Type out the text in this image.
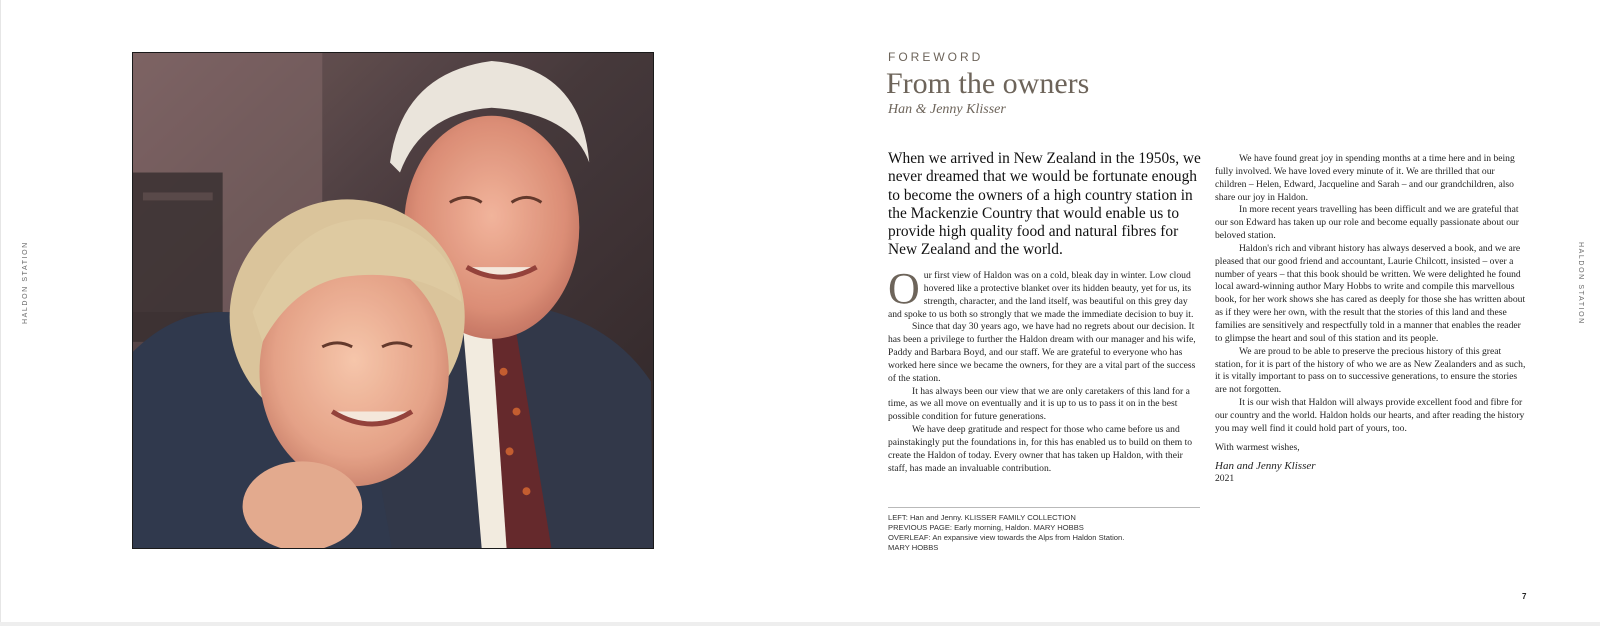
HALDON STATION
FOREWORD
From the owners
Han & Jenny Klisser
When we arrived in New Zealand in the 1950s, we never dreamed that we would be fortunate enough to become the owners of a high country station in the Mackenzie Country that would enable us to provide high quality food and natural fibres for New Zealand and the world.

Our first view of Haldon was on a cold, bleak day in winter. Low cloud hovered like a protective blanket over its hidden beauty, yet for us, its strength, character, and the land itself, was beautiful on this grey day and spoke to us both so strongly that we made the immediate decision to buy it.

Since that day 30 years ago, we have had no regrets about our decision. It has been a privilege to further the Haldon dream with our manager and his wife, Paddy and Barbara Boyd, and our staff. We are grateful to everyone who has worked here since we became the owners, for they are a vital part of the success of the station.

It has always been our view that we are only caretakers of this land for a time, as we all move on eventually and it is up to us to pass it on in the best possible condition for future generations.

We have deep gratitude and respect for those who came before us and painstakingly put the foundations in, for this has enabled us to build on them to create the Haldon of today. Every owner that has taken up Haldon, with their staff, has made an invaluable contribution.

We have found great joy in spending months at a time here and in being fully involved. We have loved every minute of it. We are thrilled that our children – Helen, Edward, Jacqueline and Sarah – and our grandchildren, also share our joy in Haldon.

In more recent years travelling has been difficult and we are grateful that our son Edward has taken up our role and become equally passionate about our beloved station.

Haldon's rich and vibrant history has always deserved a book, and we are pleased that our good friend and accountant, Laurie Chilcott, insisted – over a number of years – that this book should be written. We were delighted he found local award-winning author Mary Hobbs to write and compile this marvellous book, for her work shows she has cared as deeply for those she has written about as if they were her own, with the result that the stories of this land and these families are sensitively and respectfully told in a manner that enables the reader to glimpse the heart and soul of this station and its people.

We are proud to be able to preserve the precious history of this great station, for it is part of the history of who we are as New Zealanders and as such, it is vitally important to pass on to successive generations, to ensure the stories are not forgotten.

It is our wish that Haldon will always provide excellent food and fibre for our country and the world. Haldon holds our hearts, and after reading the history you may well find it could hold part of yours, too.

With warmest wishes,

Han and Jenny Klisser

2021

LEFT: Han and Jenny. KLISSER FAMILY COLLECTION
PREVIOUS PAGE: Early morning, Haldon. MARY HOBBS
OVERLEAF: An expansive view towards the Alps from Haldon Station.
MARY HOBBS
HALDON STATION
7
